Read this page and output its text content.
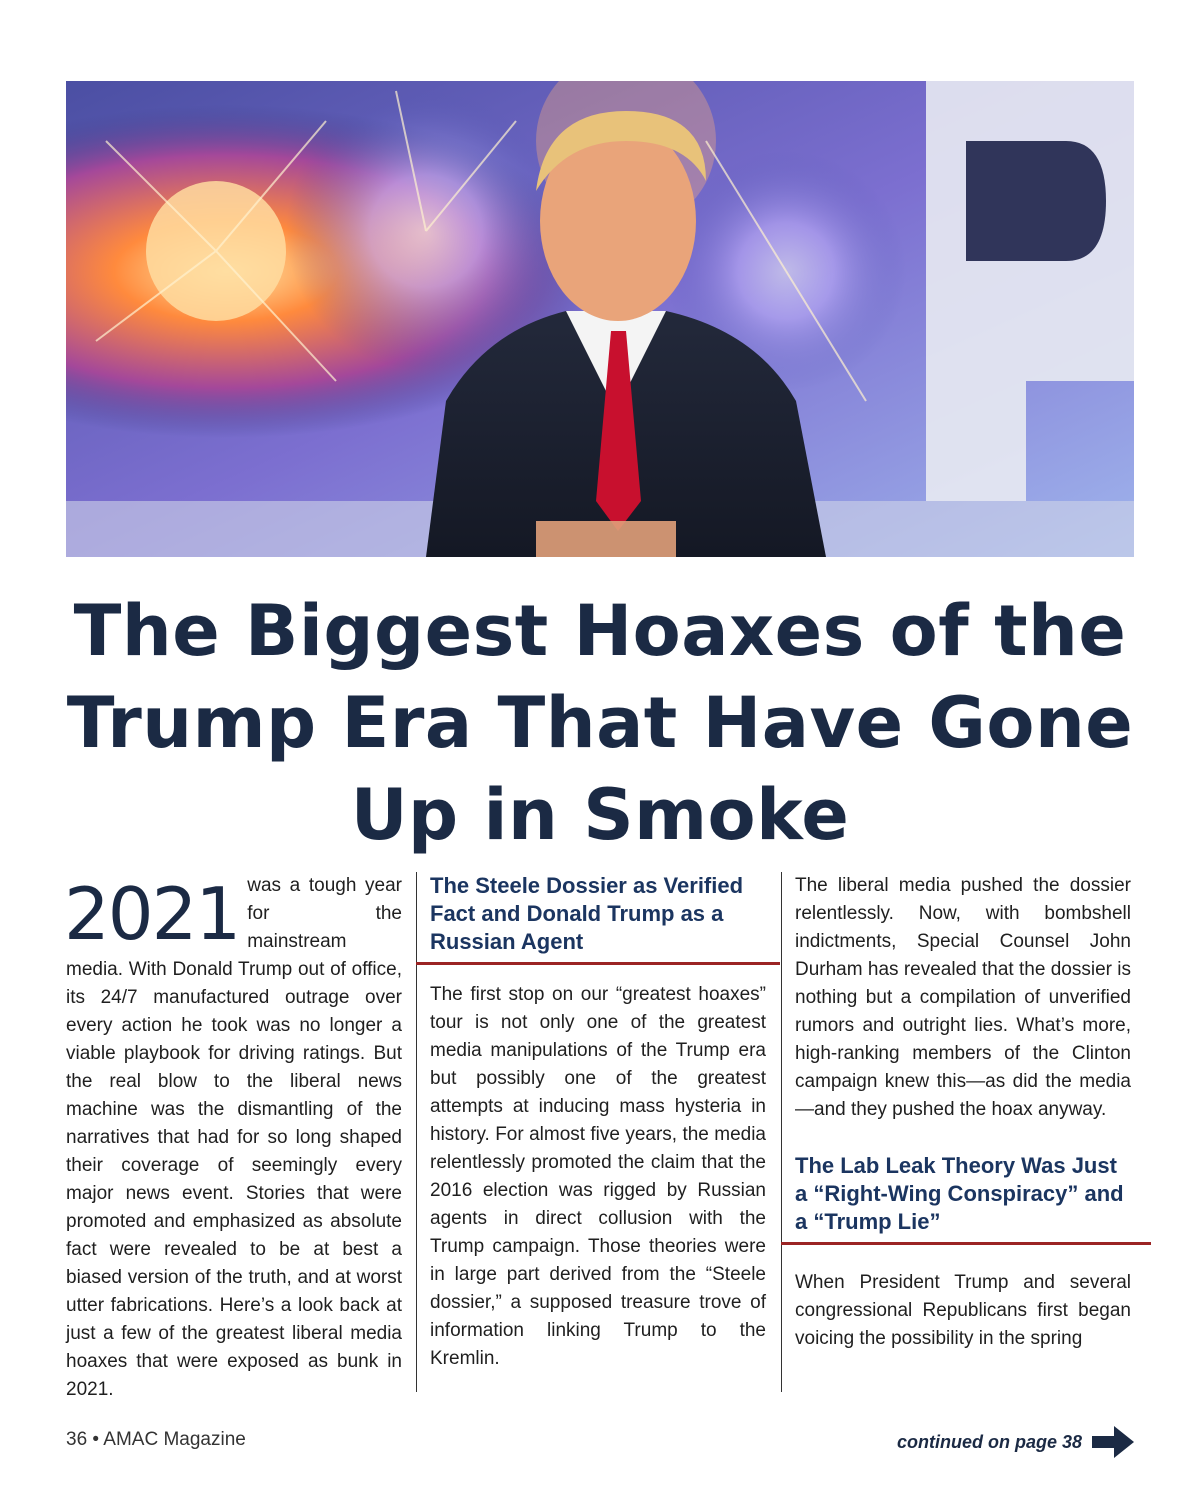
The Biggest Hoaxes of the Trump Era That Have Gone Up in Smoke
2021 was a tough year for the mainstream media. With Donald Trump out of office, its 24/7 manufactured outrage over every action he took was no longer a viable playbook for driving ratings. But the real blow to the liberal news machine was the dismantling of the narratives that had for so long shaped their coverage of seemingly every major news event. Stories that were promoted and emphasized as absolute fact were revealed to be at best a biased version of the truth, and at worst utter fabrications. Here’s a look back at just a few of the greatest liberal media hoaxes that were exposed as bunk in 2021.

The Steele Dossier as Verified Fact and Donald Trump as a Russian Agent

The first stop on our “greatest hoaxes” tour is not only one of the greatest media manipulations of the Trump era but possibly one of the greatest attempts at inducing mass hysteria in history. For almost five years, the media relentlessly promoted the claim that the 2016 election was rigged by Russian agents in direct collusion with the Trump campaign. Those theories were in large part derived from the “Steele dossier,” a supposed treasure trove of information linking Trump to the Kremlin.

The liberal media pushed the dossier relentlessly. Now, with bombshell indictments, Special Counsel John Durham has revealed that the dossier is nothing but a compilation of unverified rumors and outright lies. What’s more, high-ranking members of the Clinton campaign knew this—as did the media—and they pushed the hoax anyway.

The Lab Leak Theory Was Just a “Right-Wing Conspiracy” and a “Trump Lie”

When President Trump and several congressional Republicans first began voicing the possibility in the spring

36 • AMAC Magazine	continued on page 38
